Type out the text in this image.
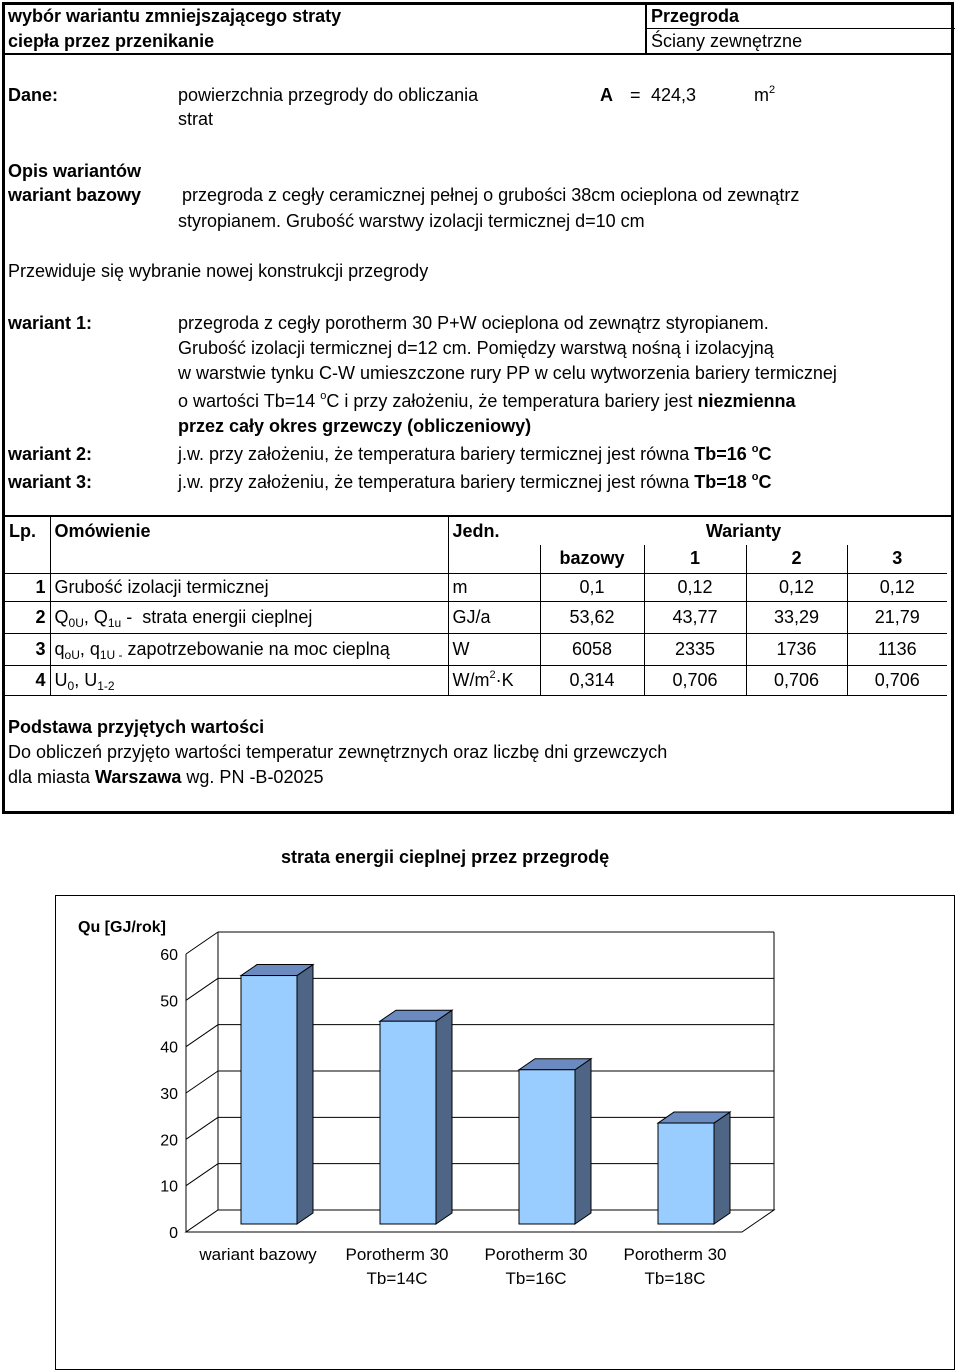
wybór wariantu zmniejszającego straty
ciepła przez przenikanie
Przegroda
Ściany zewnętrzne
Dane:	powierzchnia przegrody do obliczania
strat
A = 424,3	$m^2$
Opis wariantów
wariant bazowy przegroda z cegły ceramicznej pełnej o grubości 38cm ocieplona od zewnątrz
styropianem. Grubość warstwy izolacji termicznej d=10 cm
Przewiduje się wybranie nowej konstrukcji przegrody
wariant 1:	przegroda z cegły porotherm 30 P+W ocieplona od zewnątrz styropianem.
Grubość izolacji termicznej d=12 cm. Pomiędzy warstwą nośną i izolacyjną
w warstwie tynku C-W umieszczone rury PP w celu wytworzenia bariery termicznej
o wartości Tb=14 $^o$C i przy założeniu, że temperatura bariery jest niezmienna
przez cały okres grzewczy (obliczeniowy)
wariant 2:	j.w. przy założeniu, że temperatura bariery termicznej jest równa Tb=16 $^o$C
wariant 3:	j.w. przy założeniu, że temperatura bariery termicznej jest równa Tb=18 $^o$C
Lp.	Omówienie	Jedn.	Warianty			
			bazowy	1	2	3
1	Grubość izolacji termicznej	m	0,1	0,12	0,12	0,12
2	$Q_{0U}$, $Q_{1u}$ -  strata energii cieplnej	GJ/a	53,62	43,77	33,29	21,79
3	$q_{oU}$, $q_{1U -}$ zapotrzebowanie na moc cieplną	W	6058	2335	1736	1136
4	$U_0$, $U_{1-2}$	$W/m^2\cdot K$	0,314	0,706	0,706	0,706
Podstawa przyjętych wartości
Do obliczeń przyjęto wartości temperatur zewnętrznych oraz liczbę dni grzewczych
dla miasta Warszawa wg. PN -B-02025
strata energii cieplnej przez przegrodę
0
10
20
30
40
50
60
Qu [GJ/rok]
wariant bazowy Porotherm 30
Tb=14C
Porotherm 30
Tb=16C
Porotherm 30
Tb=18C
